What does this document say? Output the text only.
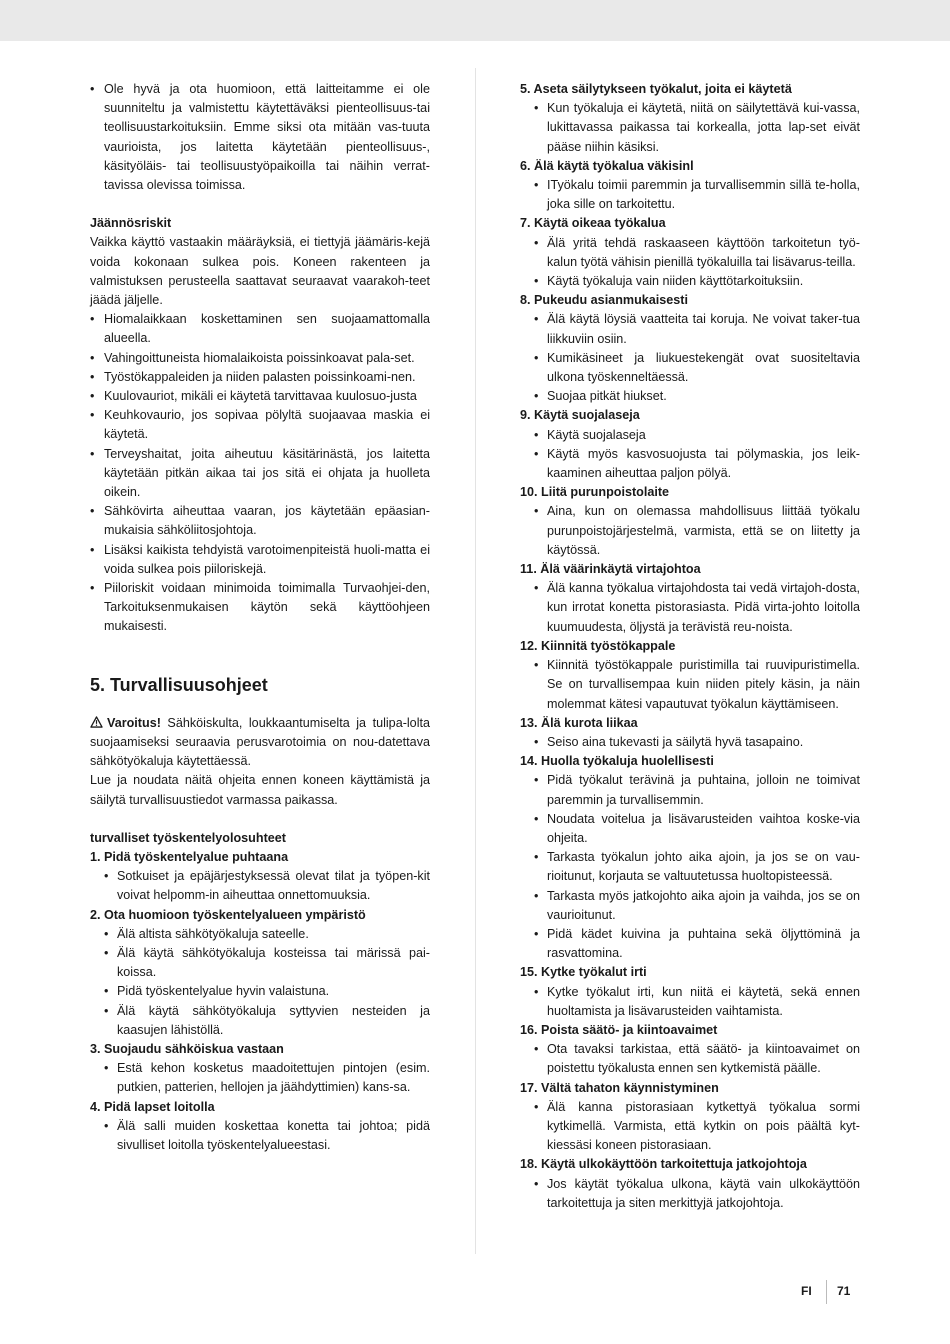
• Ole hyvä ja ota huomioon, että laitteitamme ei ole suunniteltu ja valmistettu käytettäväksi pienteollisuus-tai teollisuustarkoituksiin. Emme siksi ota mitään vas-tuuta vaurioista, jos laitetta käytetään pienteollisuus-, käsityöläis- tai teollisuustyöpaikoilla tai näihin verrat-tavissa olevissa toimissa.

Jäännösriskit

Vaikka käyttö vastaakin määräyksiä, ei tiettyjä jäämäris-kejä voida kokonaan sulkea pois. Koneen rakenteen ja valmistuksen perusteella saattavat seuraavat vaarakoh-teet jäädä jäljelle.

• Hiomalaikkaan koskettaminen sen suojaamattomalla alueella.
• Vahingoittuneista hiomalaikoista poissinkoavat pala-set.
• Työstökappaleiden ja niiden palasten poissinkoami-nen.
• Kuulovauriot, mikäli ei käytetä tarvittavaa kuulosuo-justa
• Keuhkovaurio, jos sopivaa pölyltä suojaavaa maskia ei käytetä.
• Terveyshaitat, joita aiheutuu käsitärinästä, jos laitetta käytetään pitkän aikaa tai jos sitä ei ohjata ja huolleta oikein.
• Sähkövirta aiheuttaa vaaran, jos käytetään epäasian-mukaisia sähköliitosjohtoja.
• Lisäksi kaikista tehdyistä varotoimenpiteistä huoli-matta ei voida sulkea pois piiloriskejä.
• Piiloriskit voidaan minimoida toimimalla Turvaohjei-den, Tarkoituksenmukaisen käytön sekä käyttöohjeen mukaisesti.
5. Turvallisuusohjeet

Varoitus! Sähköiskulta, loukkaantumiselta ja tulipa-lolta suojaamiseksi seuraavia perusvarotoimia on nou-datettava sähkötyökaluja käytettäessä.

Lue ja noudata näitä ohjeita ennen koneen käyttämistä ja säilytä turvallisuustiedot varmassa paikassa.

turvalliset työskentelyolosuhteet

1. Pidä työskentelyalue puhtaana

• Sotkuiset ja epäjärjestyksessä olevat tilat ja työpen-kit voivat helpomm-in aiheuttaa onnettomuuksia.

2. Ota huomioon työskentelyalueen ympäristö

• Älä altista sähkötyökaluja sateelle.
• Älä käytä sähkötyökaluja kosteissa tai märissä pai-koissa.
• Pidä työskentelyalue hyvin valaistuna.
• Älä käytä sähkötyökaluja syttyvien nesteiden ja kaasujen lähistöllä.

3. Suojaudu sähköiskua vastaan

• Estä kehon kosketus maadoitettujen pintojen (esim. putkien, patterien, hellojen ja jäähdyttimien) kans-sa.

4. Pidä lapset loitolla

• Älä salli muiden koskettaa konetta tai johtoa; pidä sivulliset loitolla työskentelyalueestasi.

5. Aseta säilytykseen työkalut, joita ei käytetä

• Kun työkaluja ei käytetä, niitä on säilytettävä kui-vassa, lukittavassa paikassa tai korkealla, jotta lap-set eivät pääse niihin käsiksi.

6. Älä käytä työkalua väkisinl

• ITyökalu toimii paremmin ja turvallisemmin sillä te-holla, joka sille on tarkoitettu.

7. Käytä oikeaa työkalua

• Älä yritä tehdä raskaaseen käyttöön tarkoitetun työ-kalun työtä vähisin pienillä työkaluilla tai lisävarus-teilla.
• Käytä työkaluja vain niiden käyttötarkoituksiin.

8. Pukeudu asianmukaisesti

• Älä käytä löysiä vaatteita tai koruja. Ne voivat taker-tua liikkuviin osiin.
• Kumikäsineet ja liukuestekengät ovat suositeltavia ulkona työskenneltäessä.
• Suojaa pitkät hiukset.

9. Käytä suojalaseja

• Käytä suojalaseja
• Käytä myös kasvosuojusta tai pölymaskia, jos leik-kaaminen aiheuttaa paljon pölyä.

10. Liitä purunpoistolaite

• Aina, kun on olemassa mahdollisuus liittää työkalu purunpoistojärjestelmä, varmista, että se on liitetty ja käytössä.

11. Älä väärinkäytä virtajohtoa

• Älä kanna työkalua virtajohdosta tai vedä virtajoh-dosta, kun irrotat konetta pistorasiasta. Pidä virta-johto loitolla kuumuudesta, öljystä ja terävistä reu-noista.

12. Kiinnitä työstökappale

• Kiinnitä työstökappale puristimilla tai ruuvipuristimella. Se on turvallisempaa kuin niiden pitely käsin, ja näin molemmat kätesi vapautuvat työkalun käyttämiseen.

13. Älä kurota liikaa

• Seiso aina tukevasti ja säilytä hyvä tasapaino.

14. Huolla työkaluja huolellisesti

• Pidä työkalut terävinä ja puhtaina, jolloin ne toimivat paremmin ja turvallisemmin.
• Noudata voitelua ja lisävarusteiden vaihtoa koske-via ohjeita.
• Tarkasta työkalun johto aika ajoin, ja jos se on vau-rioitunut, korjauta se valtuutetussa huoltopisteessä.
• Tarkasta myös jatkojohto aika ajoin ja vaihda, jos se on vaurioitunut.
• Pidä kädet kuivina ja puhtaina sekä öljyttöminä ja rasvattomina.

15. Kytke työkalut irti

• Kytke työkalut irti, kun niitä ei käytetä, sekä ennen huoltamista ja lisävarusteiden vaihtamista.

16. Poista säätö- ja kiintoavaimet

• Ota tavaksi tarkistaa, että säätö- ja kiintoavaimet on poistettu työkalusta ennen sen kytkemistä päälle.

17. Vältä tahaton käynnistyminen

• Älä kanna pistorasiaan kytkettyä työkalua sormi kytkimellä. Varmista, että kytkin on pois päältä kyt-kiessäsi koneen pistorasiaan.

18. Käytä ulkokäyttöön tarkoitettuja jatkojohtoja

• Jos käytät työkalua ulkona, käytä vain ulkokäyttöön tarkoitettuja ja siten merkittyjä jatkojohtoja.
FI 71
